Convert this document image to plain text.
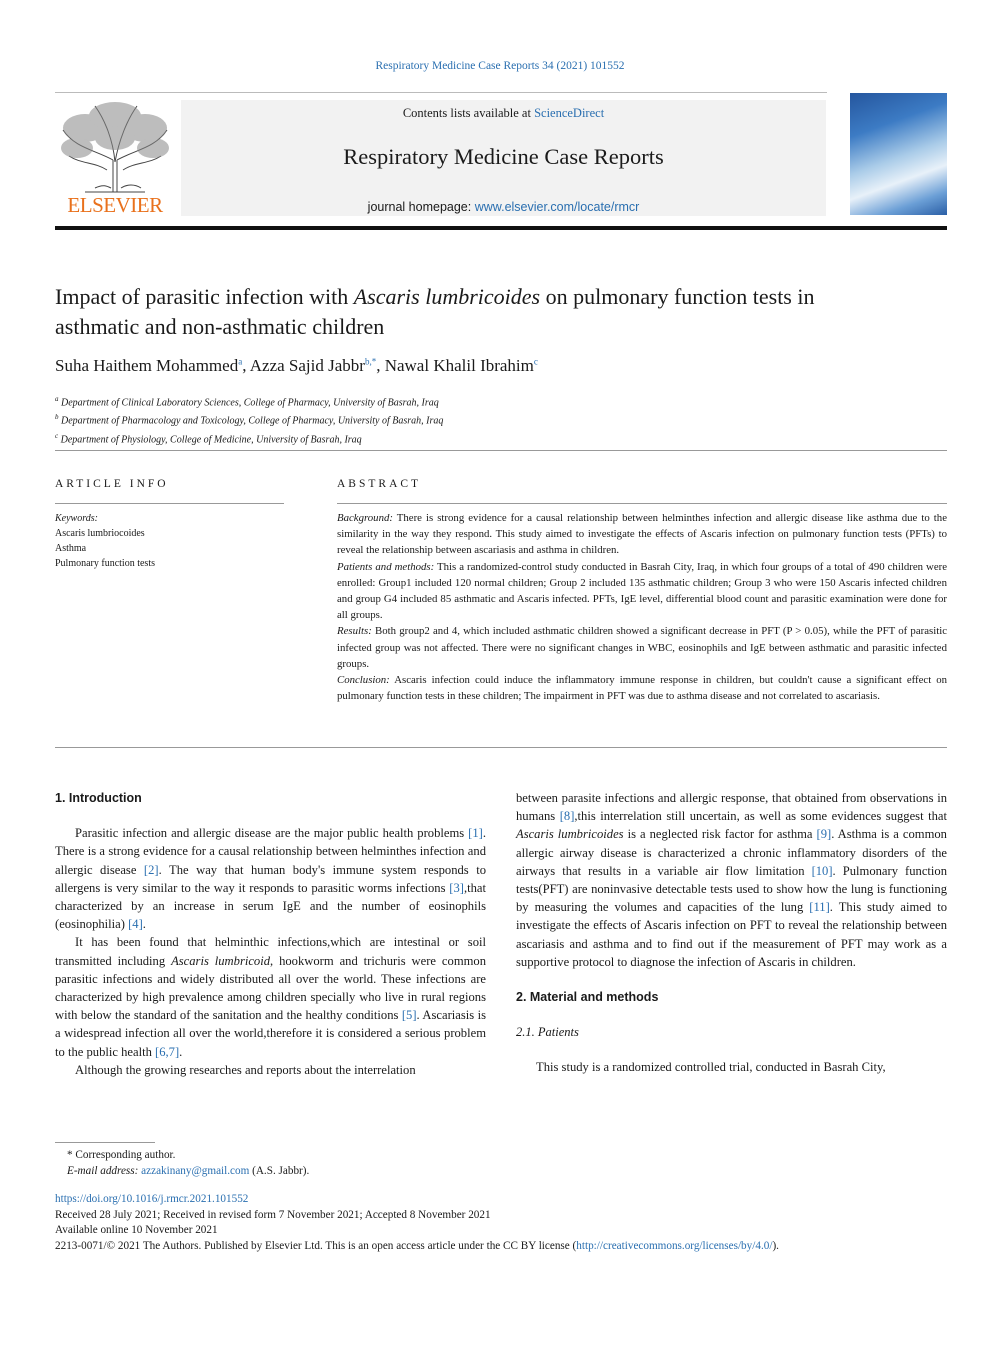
Respiratory Medicine Case Reports 34 (2021) 101552
ELSEVIER
Contents lists available at ScienceDirect
Respiratory Medicine Case Reports
journal homepage: www.elsevier.com/locate/rmcr
Impact of parasitic infection with Ascaris lumbricoides on pulmonary function tests in asthmatic and non-asthmatic children
Suha Haithem Mohammed$^a$, Azza Sajid Jabbr$^{b,*}$, Nawal Khalil Ibrahim$^c$
$^a$ Department of Clinical Laboratory Sciences, College of Pharmacy, University of Basrah, Iraq
$^b$ Department of Pharmacology and Toxicology, College of Pharmacy, University of Basrah, Iraq
$^c$ Department of Physiology, College of Medicine, University of Basrah, Iraq
ARTICLE INFO	ABSTRACT
Keywords:
Ascaris lumbriocoides
Asthma
Pulmonary function tests

Background: There is strong evidence for a causal relationship between helminthes infection and allergic disease like asthma due to the similarity in the way they respond. This study aimed to investigate the effects of Ascaris infection on pulmonary function tests (PFTs) to reveal the relationship between ascariasis and asthma in children.

Patients and methods: This a randomized-control study conducted in Basrah City, Iraq, in which four groups of a total of 490 children were enrolled: Group1 included 120 normal children; Group 2 included 135 asthmatic children; Group 3 who were 150 Ascaris infected children and group G4 included 85 asthmatic and Ascaris infected. PFTs, IgE level, differential blood count and parasitic examination were done for all groups.

Results: Both group2 and 4, which included asthmatic children showed a significant decrease in PFT (P > 0.05), while the PFT of parasitic infected group was not affected. There were no significant changes in WBC, eosinophils and IgE between asthmatic and parasitic infected groups.

Conclusion: Ascaris infection could induce the inflammatory immune response in children, but couldn't cause a significant effect on pulmonary function tests in these children; The impairment in PFT was due to asthma disease and not correlated to ascariasis.

1. Introduction

Parasitic infection and allergic disease are the major public health problems [1]. There is a strong evidence for a causal relationship between helminthes infection and allergic disease [2]. The way that human body's immune system responds to allergens is very similar to the way it responds to parasitic worms infections [3],that characterized by an increase in serum IgE and the number of eosinophils (eosinophilia) [4].

It has been found that helminthic infections,which are intestinal or soil transmitted including Ascaris lumbricoid, hookworm and trichuris were common parasitic infections and widely distributed all over the world. These infections are characterized by high prevalence among children specially who live in rural regions with below the standard of the sanitation and the healthy conditions [5]. Ascariasis is a widespread infection all over the world,therefore it is considered a serious problem to the public health [6,7].

Although the growing researches and reports about the interrelation

between parasite infections and allergic response, that obtained from observations in humans [8],this interrelation still uncertain, as well as some evidences suggest that Ascaris lumbricoides is a neglected risk factor for asthma [9]. Asthma is a common allergic airway disease is characterized a chronic inflammatory disorders of the airways that results in a variable air flow limitation [10]. Pulmonary function tests(PFT) are noninvasive detectable tests used to show how the lung is functioning by measuring the volumes and capacities of the lung [11]. This study aimed to investigate the effects of Ascaris infection on PFT to reveal the relationship between ascariasis and asthma and to find out if the measurement of PFT may work as a supportive protocol to diagnose the infection of Ascaris in children.

2. Material and methods
2.1. Patients

This study is a randomized controlled trial, conducted in Basrah City,

* Corresponding author.
E-mail address: azzakinany@gmail.com (A.S. Jabbr).
https://doi.org/10.1016/j.rmcr.2021.101552
Received 28 July 2021; Received in revised form 7 November 2021; Accepted 8 November 2021
Available online 10 November 2021
2213-0071/© 2021 The Authors. Published by Elsevier Ltd. This is an open access article under the CC BY license (http://creativecommons.org/licenses/by/4.0/).
